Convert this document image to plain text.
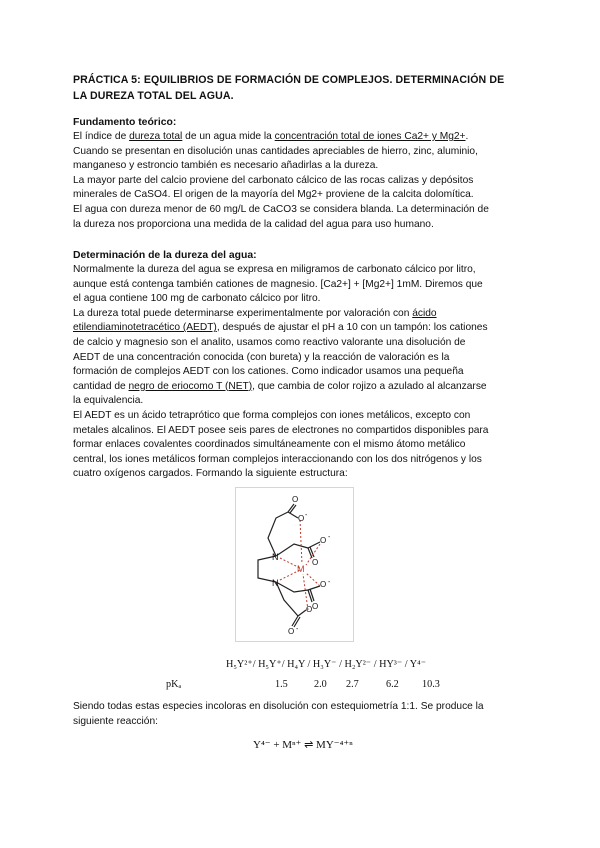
PRÁCTICA 5: EQUILIBRIOS DE FORMACIÓN DE COMPLEJOS. DETERMINACIÓN DE
LA DUREZA TOTAL DEL AGUA.
Fundamento teórico:
El índice de dureza total de un agua mide la concentración total de iones Ca2+ y Mg2+.
Cuando se presentan en disolución unas cantidades apreciables de hierro, zinc, aluminio,
manganeso y estroncio también es necesario añadirlas a la dureza.
La mayor parte del calcio proviene del carbonato cálcico de las rocas calizas y depósitos
minerales de CaSO4. El origen de la mayoría del Mg2+ proviene de la calcita dolomítica.
El agua con dureza menor de 60 mg/L de CaCO3 se considera blanda. La determinación de
la dureza nos proporciona una medida de la calidad del agua para uso humano.
Determinación de la dureza del agua:
Normalmente la dureza del agua se expresa en miligramos de carbonato cálcico por litro,
aunque está contenga también cationes de magnesio. [Ca2+] + [Mg2+] 1mM. Diremos que
el agua contiene 100 mg de carbonato cálcico por litro.
La dureza total puede determinarse experimentalmente por valoración con ácido
etilendiaminotetracético (AEDT), después de ajustar el pH a 10 con un tampón: los cationes
de calcio y magnesio son el analito, usamos como reactivo valorante una disolución de
AEDT de una concentración conocida (con bureta) y la reacción de valoración es la
formación de complejos AEDT con los cationes. Como indicador usamos una pequeña
cantidad de negro de eriocomo T (NET), que cambia de color rojizo a azulado al alcanzarse
la equivalencia.
El AEDT es un ácido tetraprótico que forma complejos con iones metálicos, excepto con
metales alcalinos. El AEDT posee seis pares de electrones no compartidos disponibles para
formar enlaces covalentes coordinados simultáneamente con el mismo átomo metálico
central, los iones metálicos forman complejos interaccionando con los dos nitrógenos y los
cuatro oxígenos cargados. Formando la siguiente estructura:
N
N
M
O
O
O
O
O
O
O
O
-
-
-
-
H₅Y²⁺/ H₅Y⁺/ H₄Y / H₃Y⁻ / H₂Y²⁻ / HY³⁻ / Y⁴⁻
pKₐ	1.5	2.0 2.7	6.2 10.3
Siendo todas estas especies incoloras en disolución con estequiometría 1:1. Se produce la
siguiente reacción:
Y⁴⁻ + Mⁿ⁺ ⇌ MY⁻⁴⁺ⁿ
